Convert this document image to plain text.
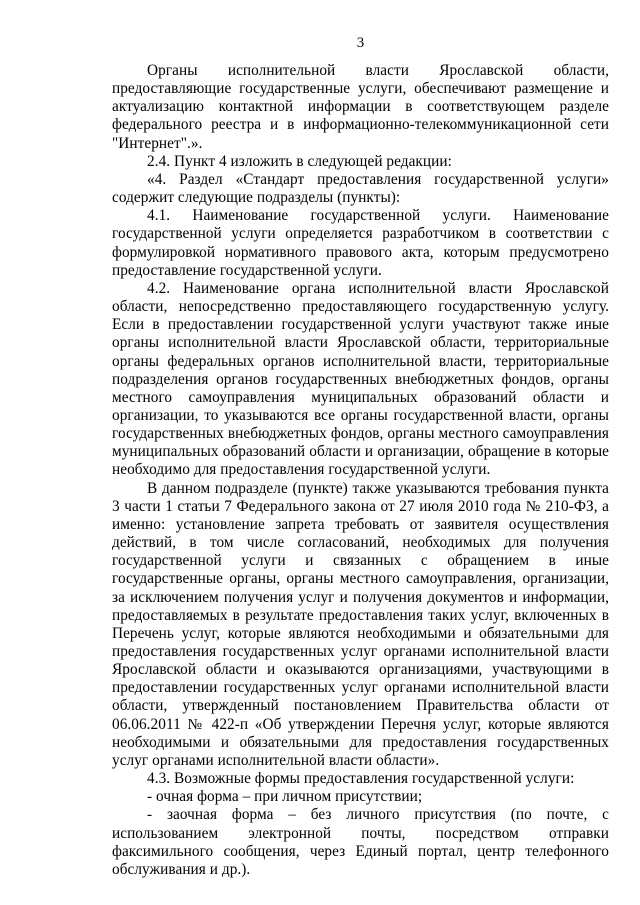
3

Органы исполнительной власти Ярославской области, предоставляющие государственные услуги, обеспечивают размещение и актуализацию контактной информации в соответствующем разделе федерального реестра и в информационно-телекоммуникационной сети "Интернет".».

2.4. Пункт 4 изложить в следующей редакции:

«4. Раздел «Стандарт предоставления государственной услуги» содержит следующие подразделы (пункты):

4.1. Наименование государственной услуги. Наименование государственной услуги определяется разработчиком в соответствии с формулировкой нормативного правового акта, которым предусмотрено предоставление государственной услуги.

4.2. Наименование органа исполнительной власти Ярославской области, непосредственно предоставляющего государственную услугу. Если в предоставлении государственной услуги участвуют также иные органы исполнительной власти Ярославской области, территориальные органы федеральных органов исполнительной власти, территориальные подразделения органов государственных внебюджетных фондов, органы местного самоуправления муниципальных образований области и организации, то указываются все органы государственной власти, органы государственных внебюджетных фондов, органы местного самоуправления муниципальных образований области и организации, обращение в которые необходимо для предоставления государственной услуги.

В данном подразделе (пункте) также указываются требования пункта 3 части 1 статьи 7 Федерального закона от 27 июля 2010 года № 210-ФЗ, а именно: установление запрета требовать от заявителя осуществления действий, в том числе согласований, необходимых для получения государственной услуги и связанных с обращением в иные государственные органы, органы местного самоуправления, организации, за исключением получения услуг и получения документов и информации, предоставляемых в результате предоставления таких услуг, включенных в Перечень услуг, которые являются необходимыми и обязательными для предоставления государственных услуг органами исполнительной власти Ярославской области и оказываются организациями, участвующими в предоставлении государственных услуг органами исполнительной власти области, утвержденный постановлением Правительства области от 06.06.2011 № 422-п «Об утверждении Перечня услуг, которые являются необходимыми и обязательными для предоставления государственных услуг органами исполнительной власти области».

4.3. Возможные формы предоставления государственной услуги:

- очная форма – при личном присутствии;

- заочная форма – без личного присутствия (по почте, с использованием электронной почты, посредством отправки факсимильного сообщения, через Единый портал, центр телефонного обслуживания и др.).
